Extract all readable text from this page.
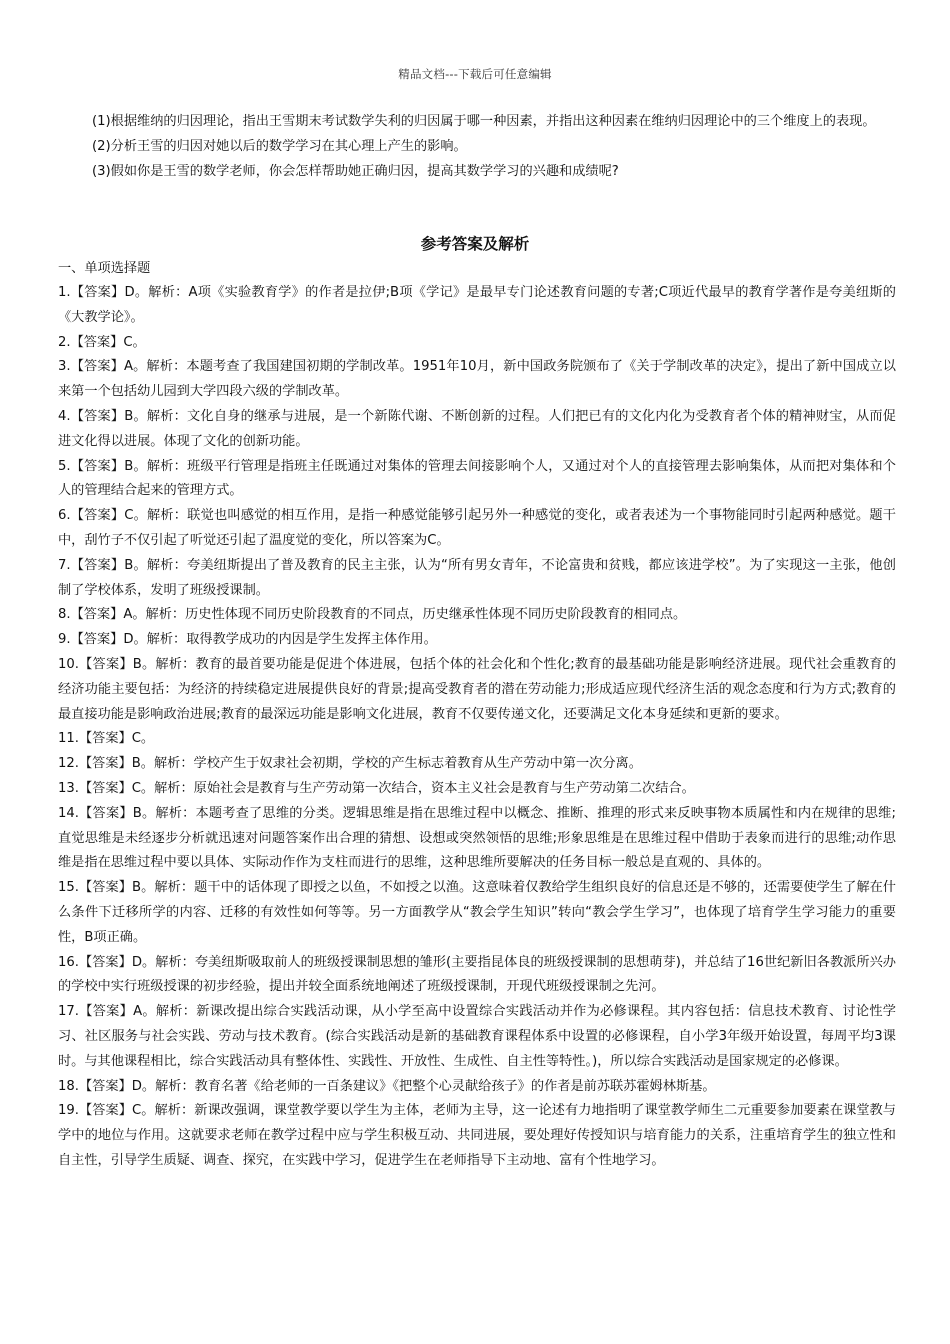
精品文档---下载后可任意编辑

(1)根据维纳的归因理论，指出王雪期末考试数学失利的归因属于哪一种因素，并指出这种因素在维纳归因理论中的三个维度上的表现。

(2)分析王雪的归因对她以后的数学学习在其心理上产生的影响。

(3)假如你是王雪的数学老师，你会怎样帮助她正确归因，提高其数学学习的兴趣和成绩呢?

参考答案及解析

一、单项选择题

1.【答案】D。解析：A项《实验教育学》的作者是拉伊;B项《学记》是最早专门论述教育问题的专著;C项近代最早的教育学著作是夸美纽斯的《大教学论》。

2.【答案】C。

3.【答案】A。解析：本题考查了我国建国初期的学制改革。1951年10月，新中国政务院颁布了《关于学制改革的决定》，提出了新中国成立以来第一个包括幼儿园到大学四段六级的学制改革。

4.【答案】B。解析：文化自身的继承与进展，是一个新陈代谢、不断创新的过程。人们把已有的文化内化为受教育者个体的精神财宝，从而促进文化得以进展。体现了文化的创新功能。

5.【答案】B。解析：班级平行管理是指班主任既通过对集体的管理去间接影响个人，又通过对个人的直接管理去影响集体，从而把对集体和个人的管理结合起来的管理方式。

6.【答案】C。解析：联觉也叫感觉的相互作用，是指一种感觉能够引起另外一种感觉的变化，或者表述为一个事物能同时引起两种感觉。题干中，刮竹子不仅引起了听觉还引起了温度觉的变化，所以答案为C。

7.【答案】B。解析：夸美纽斯提出了普及教育的民主主张，认为“所有男女青年，不论富贵和贫贱，都应该进学校”。为了实现这一主张，他创制了学校体系，发明了班级授课制。

8.【答案】A。解析：历史性体现不同历史阶段教育的不同点，历史继承性体现不同历史阶段教育的相同点。

9.【答案】D。解析：取得教学成功的内因是学生发挥主体作用。

10.【答案】B。解析：教育的最首要功能是促进个体进展，包括个体的社会化和个性化;教育的最基础功能是影响经济进展。现代社会重教育的经济功能主要包括：为经济的持续稳定进展提供良好的背景;提高受教育者的潜在劳动能力;形成适应现代经济生活的观念态度和行为方式;教育的最直接功能是影响政治进展;教育的最深远功能是影响文化进展，教育不仅要传递文化，还要满足文化本身延续和更新的要求。

11.【答案】C。

12.【答案】B。解析：学校产生于奴隶社会初期，学校的产生标志着教育从生产劳动中第一次分离。

13.【答案】C。解析：原始社会是教育与生产劳动第一次结合，资本主义社会是教育与生产劳动第二次结合。

14.【答案】B。解析：本题考查了思维的分类。逻辑思维是指在思维过程中以概念、推断、推理的形式来反映事物本质属性和内在规律的思维;直觉思维是未经逐步分析就迅速对问题答案作出合理的猜想、设想或突然领悟的思维;形象思维是在思维过程中借助于表象而进行的思维;动作思维是指在思维过程中要以具体、实际动作作为支柱而进行的思维，这种思维所要解决的任务目标一般总是直观的、具体的。

15.【答案】B。解析：题干中的话体现了即授之以鱼，不如授之以渔。这意味着仅教给学生组织良好的信息还是不够的，还需要使学生了解在什么条件下迁移所学的内容、迁移的有效性如何等等。另一方面教学从“教会学生知识”转向“教会学生学习”，也体现了培育学生学习能力的重要性，B项正确。

16.【答案】D。解析：夸美纽斯吸取前人的班级授课制思想的雏形(主要指昆体良的班级授课制的思想萌芽)，并总结了16世纪新旧各教派所兴办的学校中实行班级授课的初步经验，提出并较全面系统地阐述了班级授课制，开现代班级授课制之先河。

17.【答案】A。解析：新课改提出综合实践活动课，从小学至高中设置综合实践活动并作为必修课程。其内容包括：信息技术教育、讨论性学习、社区服务与社会实践、劳动与技术教育。(综合实践活动是新的基础教育课程体系中设置的必修课程，自小学3年级开始设置，每周平均3课时。与其他课程相比，综合实践活动具有整体性、实践性、开放性、生成性、自主性等特性。)，所以综合实践活动是国家规定的必修课。

18.【答案】D。解析：教育名著《给老师的一百条建议》《把整个心灵献给孩子》的作者是前苏联苏霍姆林斯基。

19.【答案】C。解析：新课改强调，课堂教学要以学生为主体，老师为主导，这一论述有力地指明了课堂教学师生二元重要参加要素在课堂教与学中的地位与作用。这就要求老师在教学过程中应与学生积极互动、共同进展，要处理好传授知识与培育能力的关系，注重培育学生的独立性和自主性，引导学生质疑、调查、探究，在实践中学习，促进学生在老师指导下主动地、富有个性地学习。
